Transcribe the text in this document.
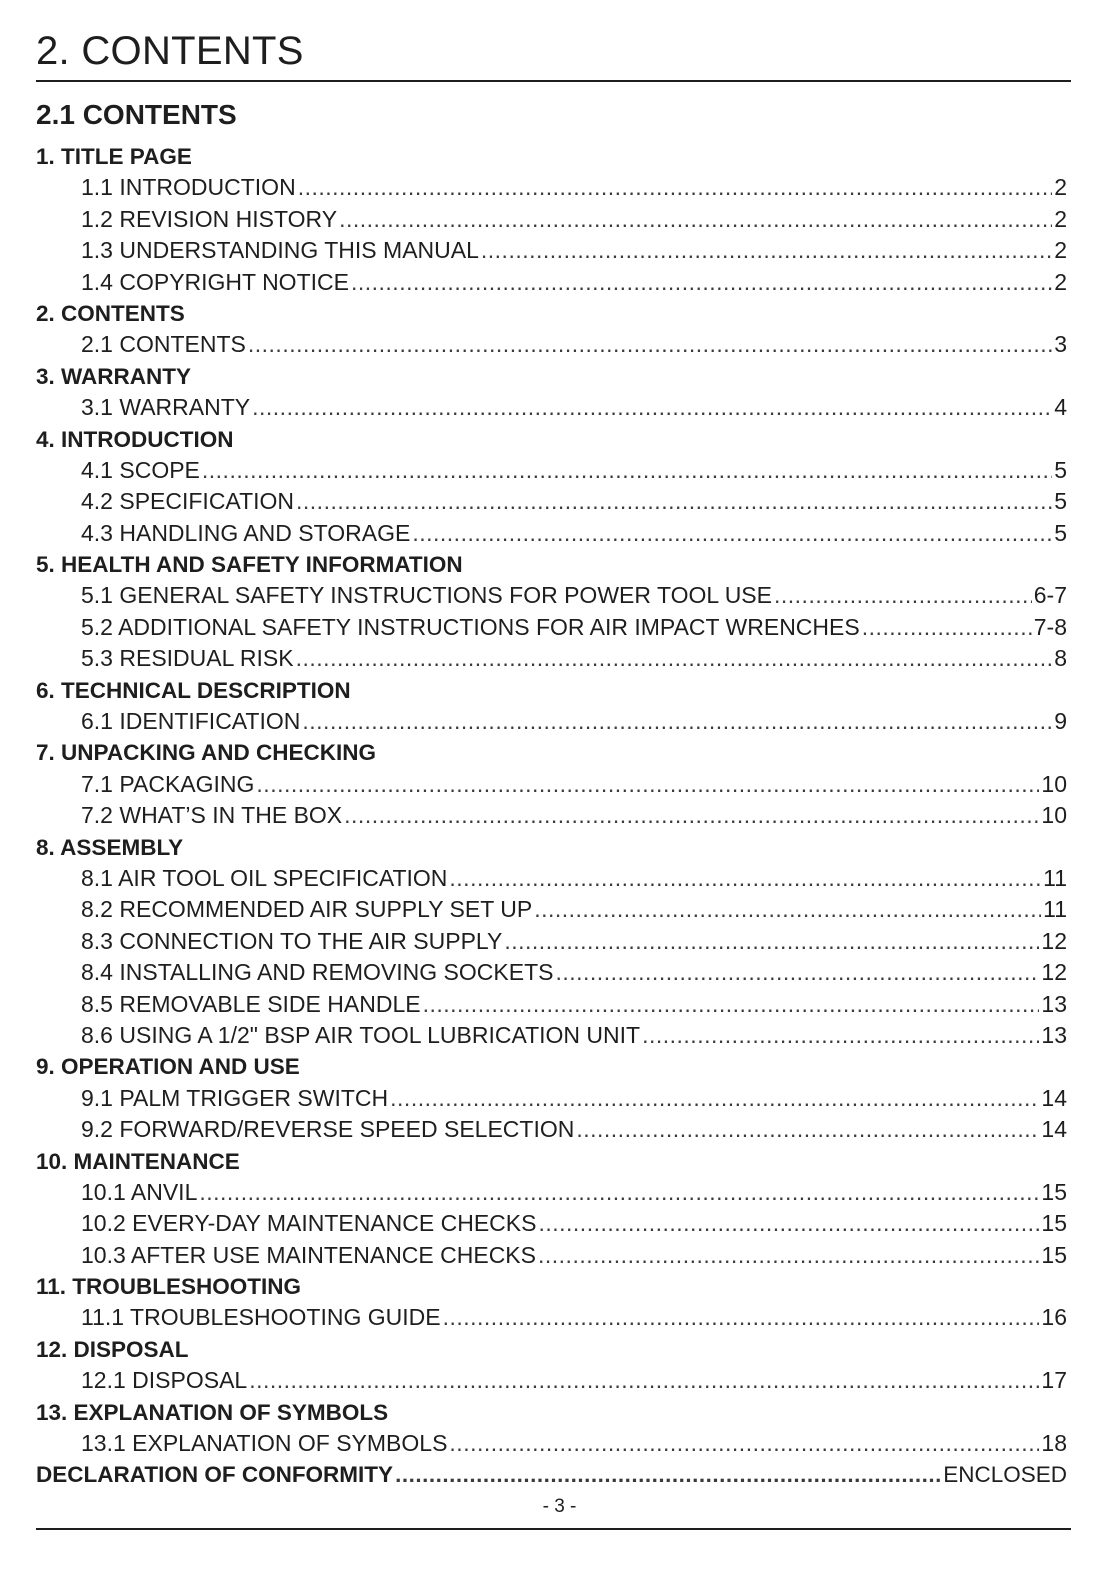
2. CONTENTS
2.1 CONTENTS
1. TITLE PAGE
1.1 INTRODUCTION .....	2
1.2 REVISION HISTORY .....	2
1.3 UNDERSTANDING THIS MANUAL .....	2
1.4 COPYRIGHT NOTICE .....	2
2. CONTENTS
2.1 CONTENTS .....	3
3. WARRANTY
3.1 WARRANTY .....	4
4. INTRODUCTION
4.1 SCOPE .....	5
4.2 SPECIFICATION .....	5
4.3 HANDLING AND STORAGE .....	5
5. HEALTH AND SAFETY INFORMATION
5.1 GENERAL SAFETY INSTRUCTIONS FOR POWER TOOL USE .....	6-7
5.2 ADDITIONAL SAFETY INSTRUCTIONS FOR AIR IMPACT WRENCHES .....	7-8
5.3 RESIDUAL RISK .....	8
6. TECHNICAL DESCRIPTION
6.1 IDENTIFICATION .....	9
7. UNPACKING AND CHECKING
7.1 PACKAGING .....	10
7.2 WHAT’S IN THE BOX .....	10
8. ASSEMBLY
8.1 AIR TOOL OIL SPECIFICATION .....	11
8.2 RECOMMENDED AIR SUPPLY SET UP .....	11
8.3 CONNECTION TO THE AIR SUPPLY .....	12
8.4 INSTALLING AND REMOVING SOCKETS .....	12
8.5 REMOVABLE SIDE HANDLE .....	13
8.6 USING A 1/2" BSP AIR TOOL LUBRICATION UNIT .....	13
9. OPERATION AND USE
9.1 PALM TRIGGER SWITCH .....	14
9.2 FORWARD/REVERSE SPEED SELECTION .....	14
10. MAINTENANCE
10.1 ANVIL .....	15
10.2 EVERY-DAY MAINTENANCE CHECKS .....	15
10.3 AFTER USE MAINTENANCE CHECKS .....	15
11. TROUBLESHOOTING
11.1 TROUBLESHOOTING GUIDE .....	16
12. DISPOSAL
12.1 DISPOSAL .....	17
13. EXPLANATION OF SYMBOLS
13.1 EXPLANATION OF SYMBOLS .....	18
DECLARATION OF CONFORMITY .....	ENCLOSED
- 3 -
